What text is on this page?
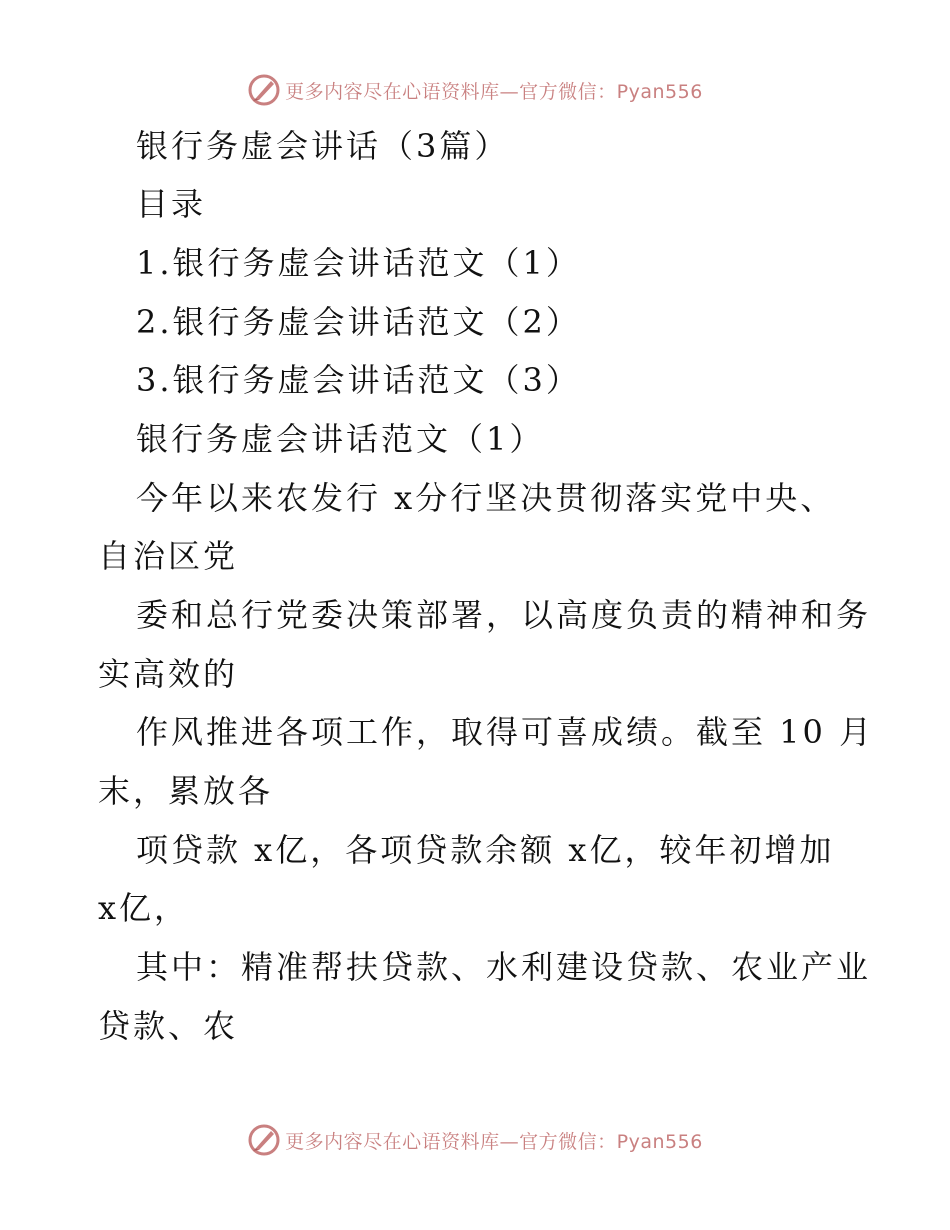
更多内容尽在心语资料库—官方微信：Pyan556
银行务虚会讲话（3篇）
目录
1.银行务虚会讲话范文（1）
2.银行务虚会讲话范文（2）
3.银行务虚会讲话范文（3）
银行务虚会讲话范文（1）
今年以来农发行 x分行坚决贯彻落实党中央、
自治区党
委和总行党委决策部署，以高度负责的精神和务
实高效的
作风推进各项工作，取得可喜成绩。截至 10 月
末，累放各
项贷款 x亿，各项贷款余额 x亿，较年初增加
x亿，
其中：精准帮扶贷款、水利建设贷款、农业产业
贷款、农
更多内容尽在心语资料库—官方微信：Pyan556
